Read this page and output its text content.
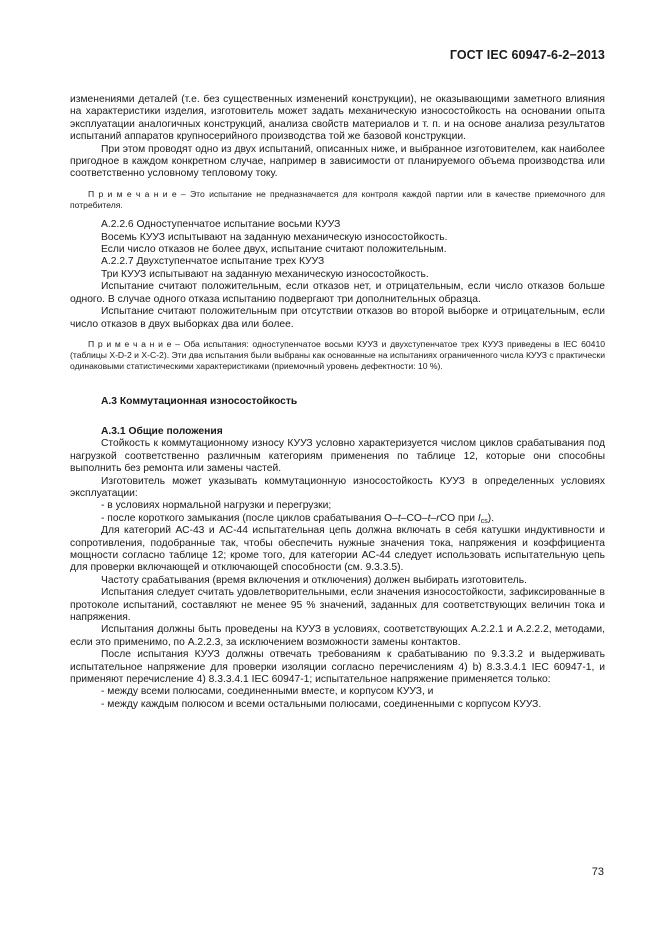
ГОСТ IEC 60947-6-2−2013

изменениями деталей (т.е. без существенных изменений конструкции), не оказывающими заметного влияния на характеристики изделия, изготовитель может задать механическую износостойкость на основании опыта эксплуатации аналогичных конструкций, анализа свойств материалов и т. п. и на основе анализа результатов испытаний аппаратов крупносерийного производства той же базовой конструкции.

При этом проводят одно из двух испытаний, описанных ниже, и выбранное изготовителем, как наиболее пригодное в каждом конкретном случае, например в зависимости от планируемого объема производства или соответственно условному тепловому току.

П р и м е ч а н и е – Это испытание не предназначается для контроля каждой партии или в качестве приемочного для потребителя.

А.2.2.6 Одноступенчатое испытание восьми КУУЗ

Восемь КУУЗ испытывают на заданную механическую износостойкость.

Если число отказов не более двух, испытание считают положительным.

А.2.2.7 Двухступенчатое испытание трех КУУЗ

Три КУУЗ испытывают на заданную механическую износостойкость.

Испытание считают положительным, если отказов нет, и отрицательным, если число отказов больше одного. В случае одного отказа испытанию подвергают три дополнительных образца.

Испытание считают положительным при отсутствии отказов во второй выборке и отрицательным, если число отказов в двух выборках два или более.

П р и м е ч а н и е – Оба испытания: одноступенчатое восьми КУУЗ и двухступенчатое трех КУУЗ приведены в IEC 60410 (таблицы X-D-2 и X-C-2). Эти два испытания были выбраны как основанные на испытаниях ограниченного числа КУУЗ с практически одинаковыми статистическими характеристиками (приемочный уровень дефектности: 10 %).

А.3 Коммутационная износостойкость

А.3.1 Общие положения

Стойкость к коммутационному износу КУУЗ условно характеризуется числом циклов срабатывания под нагрузкой соответственно различным категориям применения по таблице 12, которые они способны выполнить без ремонта или замены частей.

Изготовитель может указывать коммутационную износостойкость КУУЗ в определенных условиях эксплуатации:

- в условиях нормальной нагрузки и перегрузки;

- после короткого замыкания (после циклов срабатывания O–t–CO–t–rCO при $I_{cs}$).

Для категорий АС-43 и АС-44 испытательная цепь должна включать в себя катушки индуктивности и сопротивления, подобранные так, чтобы обеспечить нужные значения тока, напряжения и коэффициента мощности согласно таблице 12; кроме того, для категории АС-44 следует использовать испытательную цепь для проверки включающей и отключающей способности (см. 9.3.3.5).

Частоту срабатывания (время включения и отключения) должен выбирать изготовитель.

Испытания следует считать удовлетворительными, если значения износостойкости, зафиксированные в протоколе испытаний, составляют не менее 95 % значений, заданных для соответствующих величин тока и напряжения.

Испытания должны быть проведены на КУУЗ в условиях, соответствующих А.2.2.1 и А.2.2.2, методами, если это применимо, по А.2.2.3, за исключением возможности замены контактов.

После испытания КУУЗ должны отвечать требованиям к срабатыванию по 9.3.3.2 и выдерживать испытательное напряжение для проверки изоляции согласно перечислениям 4) b) 8.3.3.4.1 IEC 60947-1, и применяют перечисление 4) 8.3.3.4.1 IEC 60947-1; испытательное напряжение применяется только:

- между всеми полюсами, соединенными вместе, и корпусом КУУЗ, и

- между каждым полюсом и всеми остальными полюсами, соединенными с корпусом КУУЗ.

73
